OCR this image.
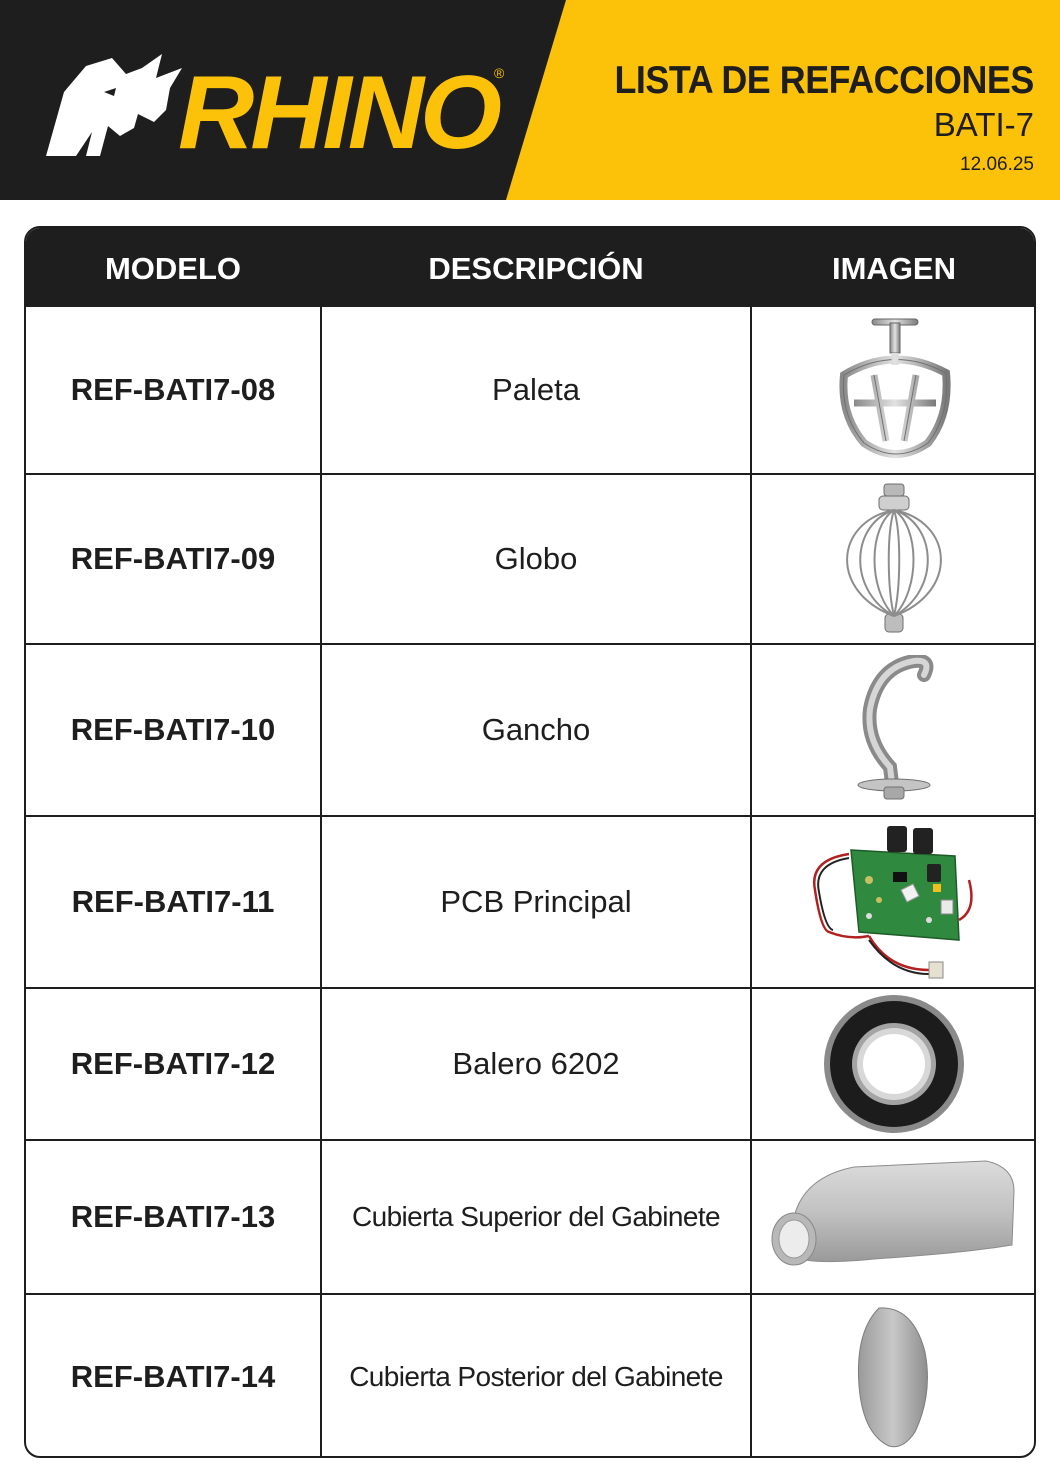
RHINO
®	LISTA DE REFACCIONES
BATI-7
12.06.25
MODELO	DESCRIPCIÓN	IMAGEN
REF-BATI7-08	Paleta
REF-BATI7-09	Globo
REF-BATI7-10	Gancho
REF-BATI7-11	PCB Principal
REF-BATI7-12	Balero 6202
REF-BATI7-13	Cubierta Superior del Gabinete
REF-BATI7-14	Cubierta Posterior del Gabinete
